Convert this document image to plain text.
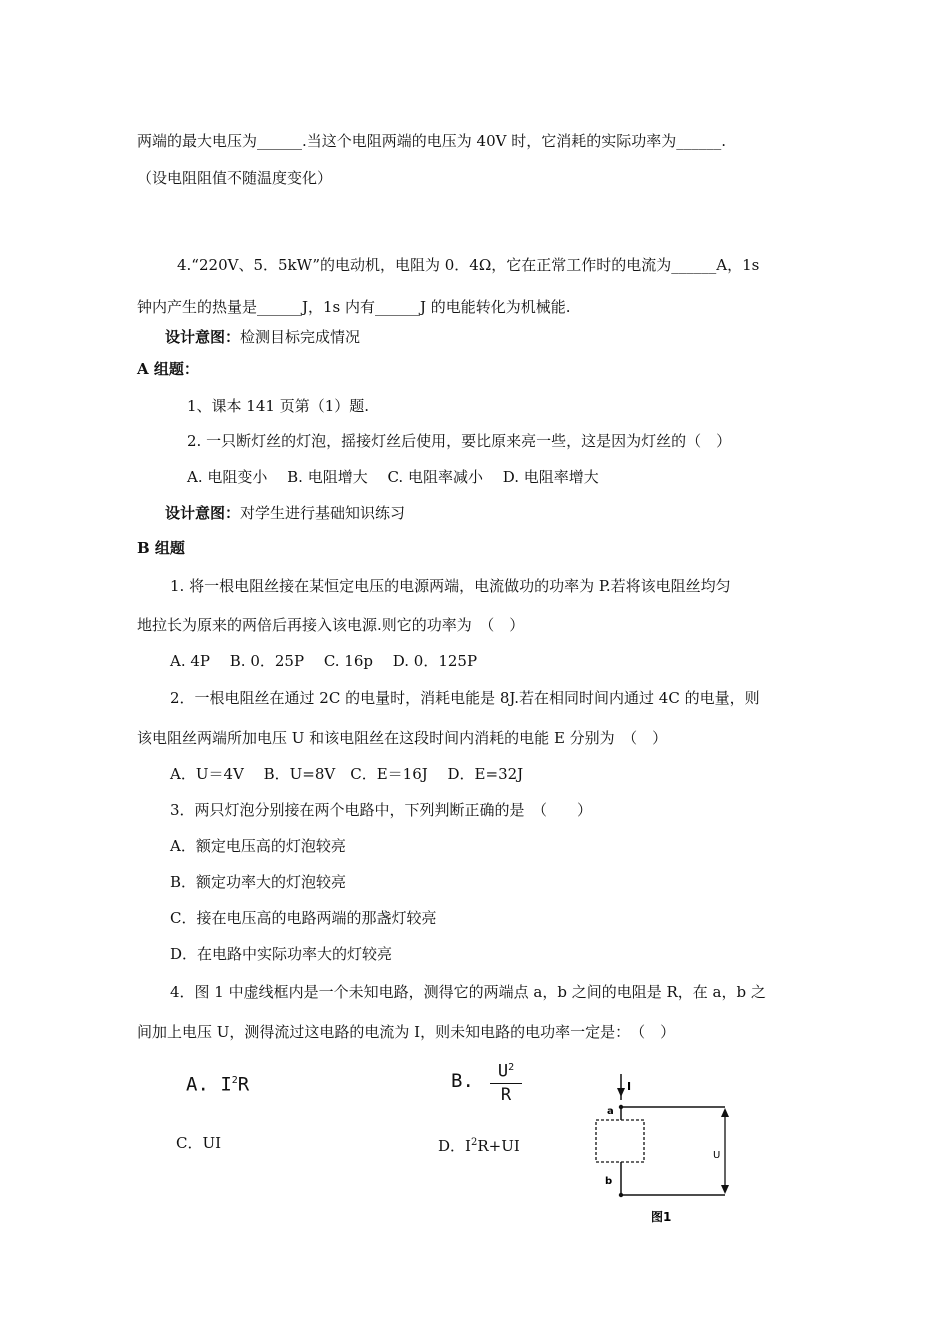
两端的最大电压为______.当这个电阻两端的电压为 40V 时，它消耗的实际功率为______.
（设电阻阻值不随温度变化）
4.“220V、5．5kW”的电动机，电阻为 0．4Ω，它在正常工作时的电流为______A，1s
钟内产生的热量是______J，1s 内有______J 的电能转化为机械能.
设计意图：检测目标完成情况
A 组题：
1、课本 141 页第（1）题.
2. 一只断灯丝的灯泡，摇接灯丝后使用，要比原来亮一些，这是因为灯丝的（　）
A. 电阻变小　 B. 电阻增大　 C. 电阻率减小　 D. 电阻率增大
设计意图：对学生进行基础知识练习
B 组题
1. 将一根电阻丝接在某恒定电压的电源两端，电流做功的功率为 P.若将该电阻丝均匀
地拉长为原来的两倍后再接入该电源.则它的功率为　（　）
A. 4P　 B. 0．25P　 C. 16p　 D. 0．125P
2．一根电阻丝在通过 2C 的电量时，消耗电能是 8J.若在相同时间内通过 4C 的电量，则
该电阻丝两端所加电压 U 和该电阻丝在这段时间内消耗的电能 E 分别为　（　）
A．U＝4V　 B．U=8V　C．E＝16J　 D．E=32J
3．两只灯泡分别接在两个电路中，下列判断正确的是　（　　）
A．额定电压高的灯泡较亮
B．额定功率大的灯泡较亮
C．接在电压高的电路两端的那盏灯较亮
D．在电路中实际功率大的灯较亮
4．图 1 中虚线框内是一个未知电路，测得它的两端点 a，b 之间的电阻是 R，在 a，b 之
间加上电压 U，测得流过这电路的电流为 I，则未知电路的电功率一定是：　（　）
A. $I^2R$	B.	$U^2$
R
C．UI	D．$I^2R+UI$
I
a
b
U
图1
